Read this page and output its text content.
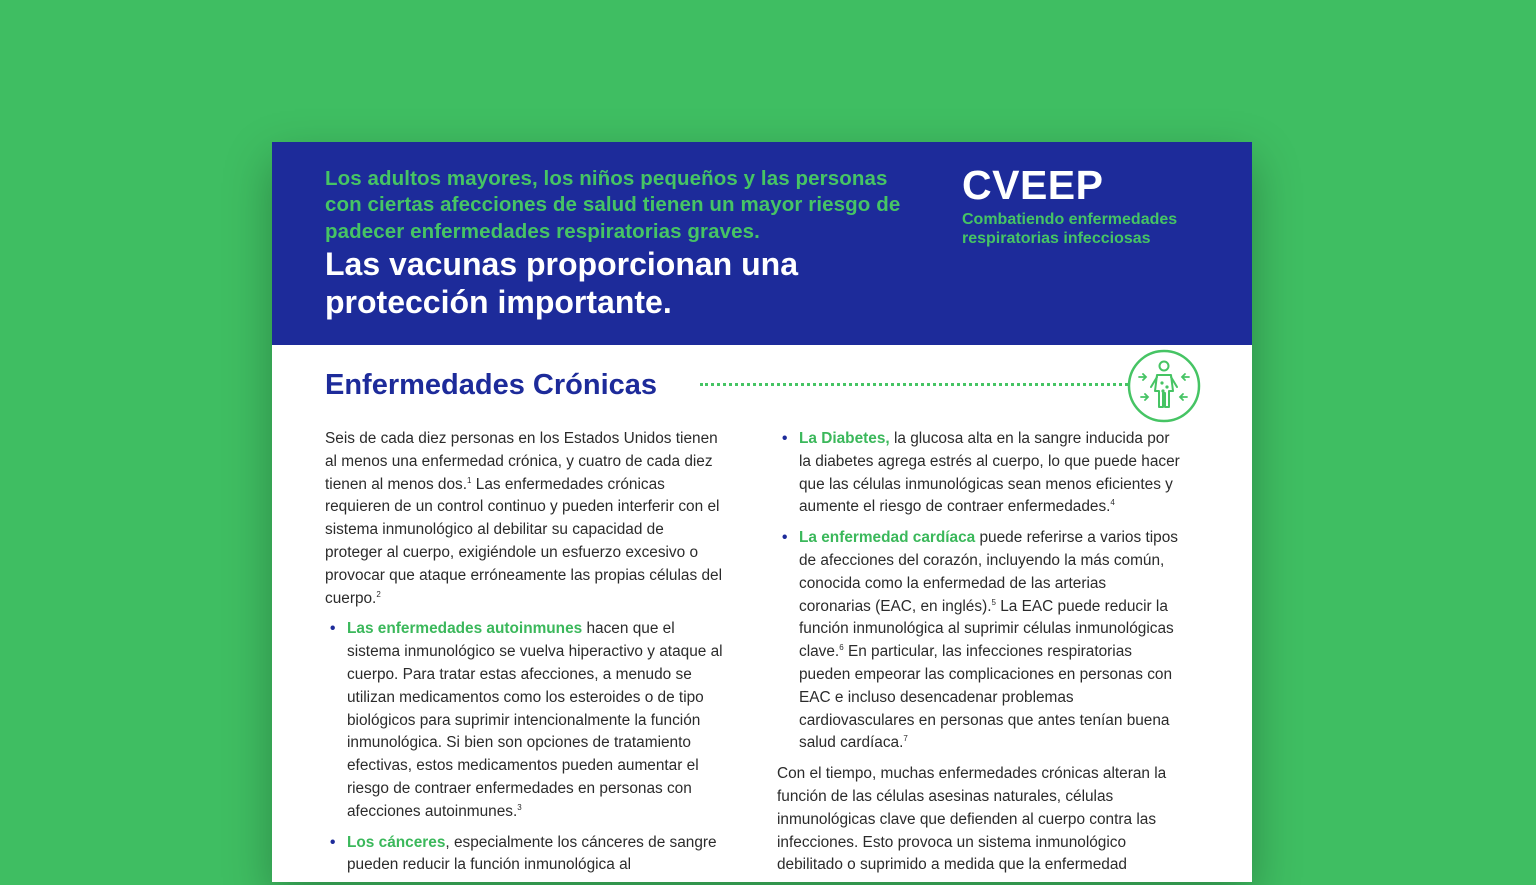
Los adultos mayores, los niños pequeños y las personas con ciertas afecciones de salud tienen un mayor riesgo de padecer enfermedades respiratorias graves.
Las vacunas proporcionan una protección importante.
CVEEP
Combatiendo enfermedades respiratorias infecciosas
Enfermedades Crónicas

Seis de cada diez personas en los Estados Unidos tienen al menos una enfermedad crónica, y cuatro de cada diez tienen al menos dos.$^1$ Las enfermedades crónicas requieren de un control continuo y pueden interferir con el sistema inmunológico al debilitar su capacidad de proteger al cuerpo, exigiéndole un esfuerzo excesivo o provocar que ataque erróneamente las propias células del cuerpo.$^2$

• Las enfermedades autoinmunes hacen que el sistema inmunológico se vuelva hiperactivo y ataque al cuerpo. Para tratar estas afecciones, a menudo se utilizan medicamentos como los esteroides o de tipo biológicos para suprimir intencionalmente la función inmunológica. Si bien son opciones de tratamiento efectivas, estos medicamentos pueden aumentar el riesgo de contraer enfermedades en personas con afecciones autoinmunes.$^3$
• Los cánceres, especialmente los cánceres de sangre pueden reducir la función inmunológica al
• La Diabetes, la glucosa alta en la sangre inducida por la diabetes agrega estrés al cuerpo, lo que puede hacer que las células inmunológicas sean menos eficientes y aumente el riesgo de contraer enfermedades.$^4$
• La enfermedad cardíaca puede referirse a varios tipos de afecciones del corazón, incluyendo la más común, conocida como la enfermedad de las arterias coronarias (EAC, en inglés).$^5$ La EAC puede reducir la función inmunológica al suprimir células inmunológicas clave.$^6$ En particular, las infecciones respiratorias pueden empeorar las complicaciones en personas con EAC e incluso desencadenar problemas cardiovasculares en personas que antes tenían buena salud cardíaca.$^7$

Con el tiempo, muchas enfermedades crónicas alteran la función de las células asesinas naturales, células inmunológicas clave que defienden al cuerpo contra las infecciones. Esto provoca un sistema inmunológico debilitado o suprimido a medida que la enfermedad
